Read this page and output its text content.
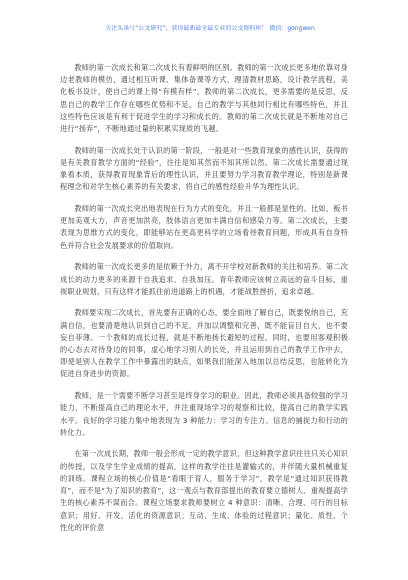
关注头条号“公文研究”，获得最新最全最专业的公文资料库！ 微信：gongwen

教师的第一次成长和第二次成长有着鲜明的区别。教师的第一次成长更多地依靠对身边老教师的模仿，通过相互听课、集体备课等方式，理清教材思路，设计教学流程，美化板书设计，使自己的课上得“有模有样”。教师的第二次成长，更多需要的是反思，反思自己的教学工作存在哪些优势和不足，自己的教学与其他同行相比有哪些特色，并且这些特色应该是有利于促进学生的学习和成长的。教师的第二次成长就是不断地对自己进行“扬弃”，不断地通过量的积累实现质的飞越。

教师的第一次成长处于认识的第一阶段，一般是对一些教育现象的感性认识，获得的是有关教育教学方面的“经验”，往往是知其然而不知其所以然。第二次成长需要通过现象看本质，获得教育现象背后的理性认识，并且要努力学习教育教学理论，特别是新课程理念和对学生核心素养的有关要求，将自己的感性经验升华为理性认识。

教师的第一次成长突出地表现在行为方式的变化，并且一般都是显性的。比如，板书更加美观大方，声音更加洪亮，肢体语言更加丰满自信和感染力等。第二次成长，主要表现为思维方式的变化，即能够站在更高更科学的立场看待教育问题，形成具有自身特色并符合社会发展要求的价值取向。

教师的第一次成长更多的是依赖于外力，离不开学校对新教师的关注和培养。第二次成长的动力更多的来源于自我追求、自我加压。青年教师应该树立高远的奋斗目标，重视职业规划，只有这样才能抓住前进道路上的机遇，才能战胜挫折，追求卓越。

教师要实现二次成长，首先要有正确的心态，要全面地了解自己，既要悦纳自己，充满自信，也要清楚地认识到自己的不足，并加以调整和完善，既不能盲目自大，也不要妄自菲薄。一个教师的成长过程，就是不断地扬长避短的过程。同时，也要用客观积极的心态去对待身边的同事，虚心地学习别人的长处，并且运用到自己的教学工作中去，即使是别人在教学工作中暴露出的缺点，如果我们能深入地加以总结反思，也能转化为促进自身进步的资源。

教师，是一个需要不断学习甚至是终身学习的职业。因此，教师必须具备较强的学习能力，不断提高自己的理论水平，并注重现场学习的观察和比较，提高自己的教学实践水平。良好的学习能力集中地表现为 3 种能力：学习的专注力、信息的捕捉力和行动的转化力。

在第一次成长期，教师一般会形成一定的教学意识，但这种教学意识往往只关心知识的传授，以及学生学业成绩的提高，这样的教学往往是灌输式的，并伴随大量机械重复的训练。课程立场的核心价值是“看眼于育人，服务于学习”，教学是“通过知识获得教育”，而不是“为了知识的教育”，这一观点与教育部提出的教育要立德树人、重视提高学生的核心素养不谋而合。课程立场要求教师要树立 4 种意识：清晰、合理、可行的目标意识；用好、开发、活化的资源意识；互动、生成、体验的过程意识；量化、质性、个性化的评价意
